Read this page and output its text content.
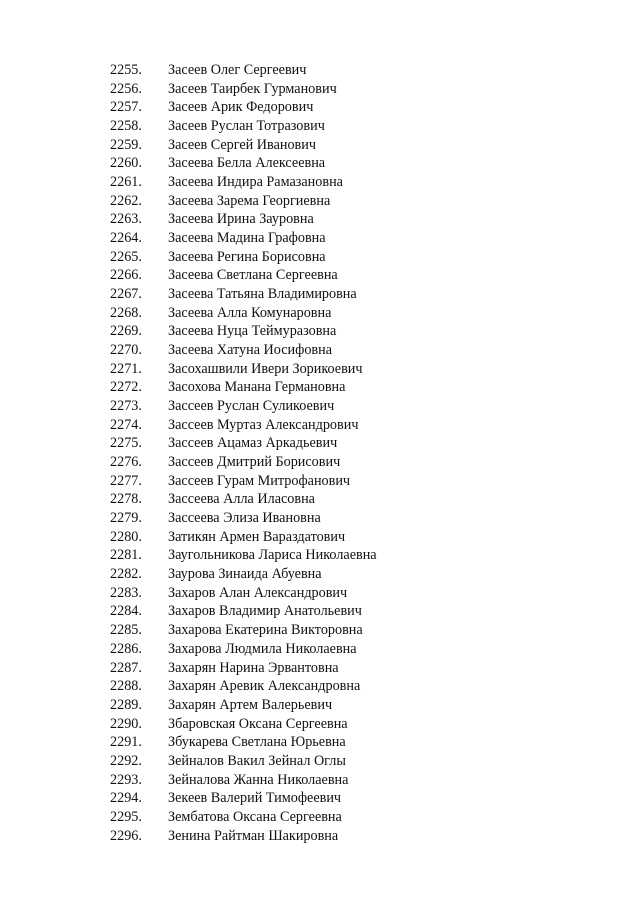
2255.	Засеев Олег Сергеевич
2256.	Засеев Таирбек Гурманович
2257.	Засеев Арик Федорович
2258.	Засеев Руслан Тотразович
2259.	Засеев Сергей Иванович
2260.	Засеева Белла Алексеевна
2261.	Засеева Индира Рамазановна
2262.	Засеева Зарема Георгиевна
2263.	Засеева Ирина Зауровна
2264.	Засеева Мадина Графовна
2265.	Засеева Регина Борисовна
2266.	Засеева Светлана Сергеевна
2267.	Засеева Татьяна Владимировна
2268.	Засеева Алла Комунаровна
2269.	Засеева Нуца Теймуразовна
2270.	Засеева Хатуна Иосифовна
2271.	Засохашвили Ивери Зорикоевич
2272.	Засохова Манана Германовна
2273.	Зассеев Руслан Суликоевич
2274.	Зассеев Муртаз Александрович
2275.	Зассеев Ацамаз Аркадьевич
2276.	Зассеев Дмитрий Борисович
2277.	Зассеев Гурам Митрофанович
2278.	Зассеева Алла Иласовна
2279.	Зассеева Элиза Ивановна
2280.	Затикян Армен Вараздатович
2281.	Заугольникова Лариса Николаевна
2282.	Заурова Зинаида Абуевна
2283.	Захаров Алан Александрович
2284.	Захаров Владимир Анатольевич
2285.	Захарова Екатерина Викторовна
2286.	Захарова Людмила Николаевна
2287.	Захарян Нарина Эрвантовна
2288.	Захарян Аревик Александровна
2289.	Захарян Артем Валерьевич
2290.	Збаровская Оксана Сергеевна
2291.	Збукарева Светлана Юрьевна
2292.	Зейналов Вакил Зейнал Оглы
2293.	Зейналова Жанна Николаевна
2294.	Зекеев Валерий Тимофеевич
2295.	Зембатова Оксана Сергеевна
2296.	Зенина Райтман Шакировна
